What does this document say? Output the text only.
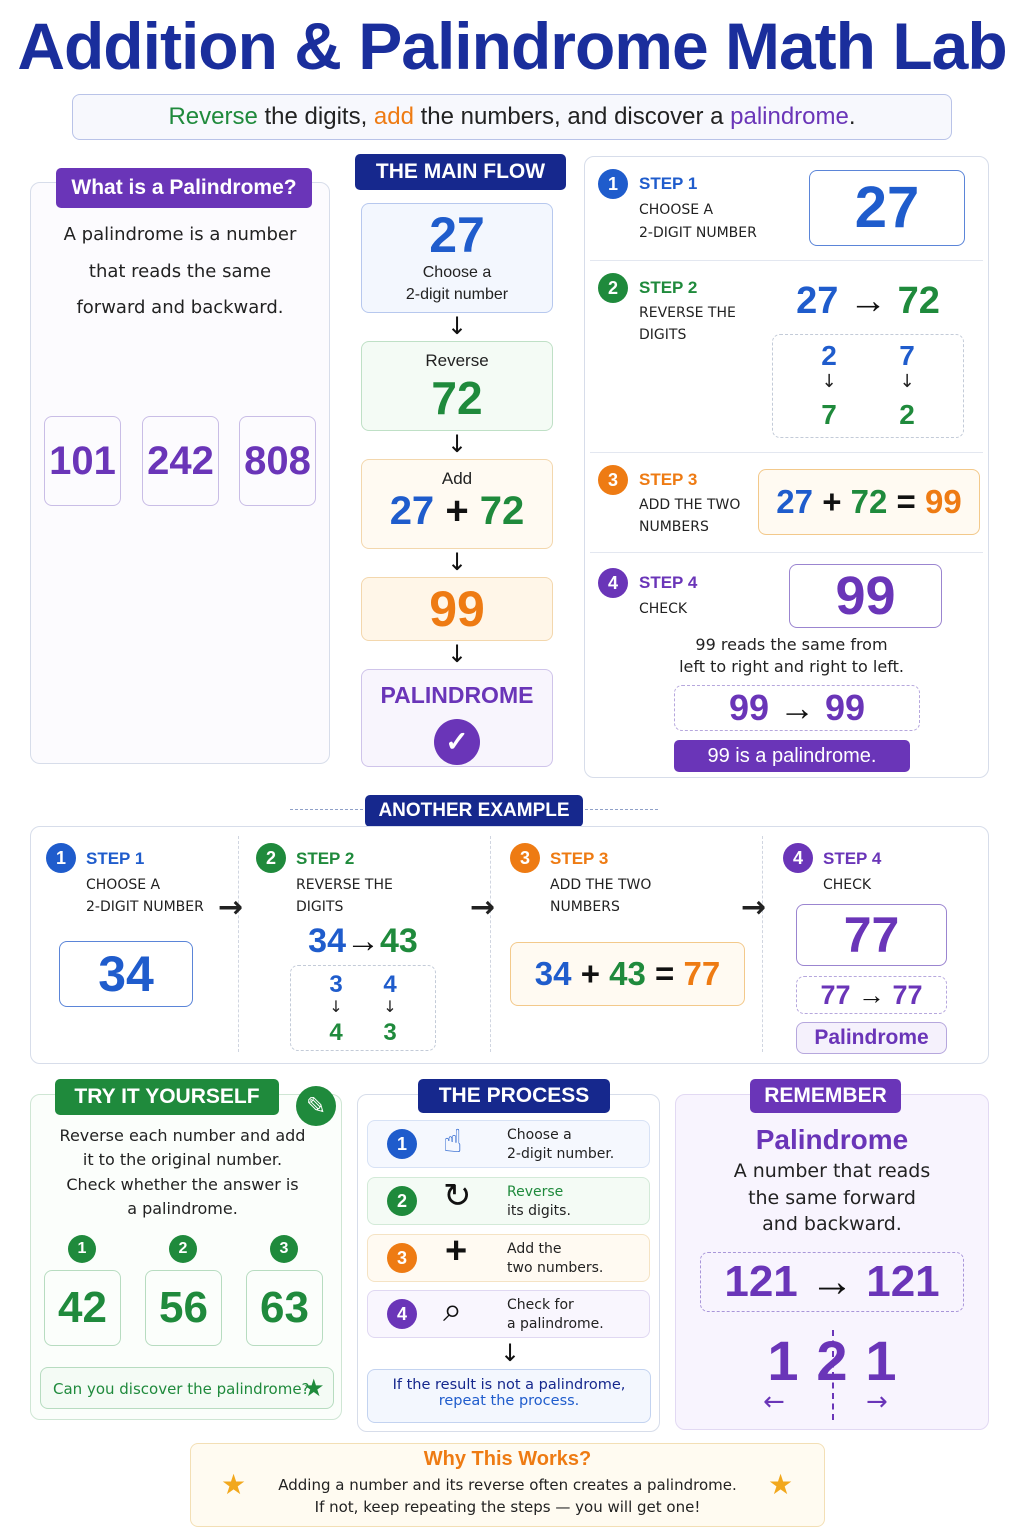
Addition & Palindrome Math Lab
Reverse the digits, add the numbers, and discover a palindrome.
What is a Palindrome?
A palindrome is a number
that reads the same
forward and backward.
101 242 808
THE MAIN FLOW
27
Choose a
2-digit number
↓
Reverse
72
↓
Add
27 + 72
↓
99
↓
PALINDROME
✓
1	STEP 1
CHOOSE A
2-DIGIT NUMBER	27
2	STEP 2
REVERSE THE
DIGITS
27 → 72
2
↓
7
7
↓
2
3	STEP 3
ADD THE TWO
NUMBERS
27 + 72 = 99
4	STEP 4
CHECK	99
99 reads the same from
left to right and right to left.
99 → 99
99 is a palindrome.
ANOTHER EXAMPLE
1	STEP 1
CHOOSE A
2-DIGIT NUMBER →
34
2	STEP 2
REVERSE THE
DIGITS	→
34→43
3
↓
4
4
↓
3
3	STEP 3
ADD THE TWO
NUMBERS	→
34 + 43 = 77
4	STEP 4
CHECK
77
77 → 77
Palindrome
TRY IT YOURSELF	✎
Reverse each number and add
it to the original number.
Check whether the answer is
a palindrome.
1	2	3
42	56	63
Can you discover the palindrome?
★
THE PROCESS
1	☝	Choose a
2-digit number.
2 ↻	Reverse
its digits.
3 +	Add the
two numbers.
4 ⌕	Check for
a palindrome.
↓
If the result is not a palindrome,
repeat the process.
REMEMBER
Palindrome
A number that reads
the same forward
and backward.
121 → 121
1 2 1
←	→
Why This Works?
★	★
Adding a number and its reverse often creates a palindrome.
If not, keep repeating the steps — you will get one!
